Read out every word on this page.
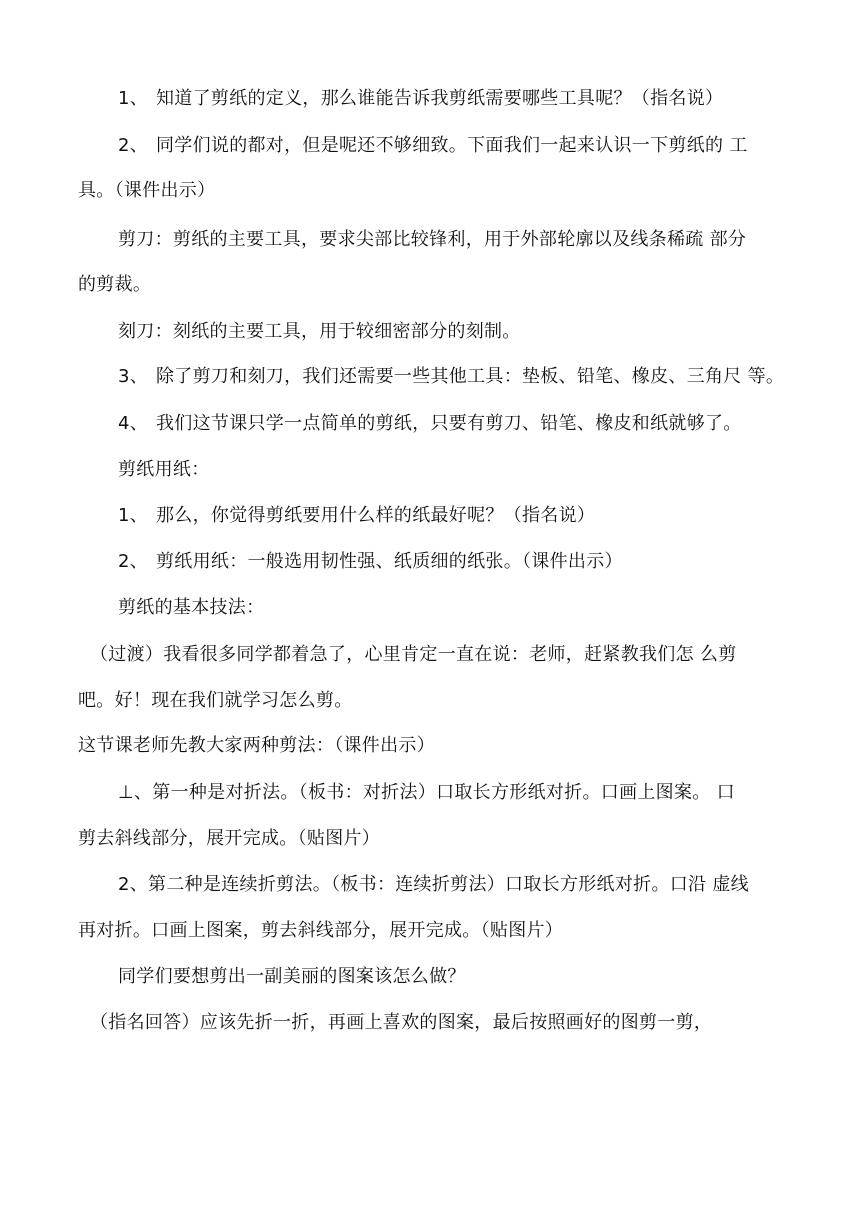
1、 知道了剪纸的定义，那么谁能告诉我剪纸需要哪些工具呢？（指名说）
2、 同学们说的都对，但是呢还不够细致。下面我们一起来认识一下剪纸的 工
具。（课件出示）
剪刀：剪纸的主要工具，要求尖部比较锋利，用于外部轮廓以及线条稀疏 部分
的剪裁。
刻刀：刻纸的主要工具，用于较细密部分的刻制。
3、 除了剪刀和刻刀，我们还需要一些其他工具：垫板、铅笔、橡皮、三角尺 等。
4、 我们这节课只学一点简单的剪纸，只要有剪刀、铅笔、橡皮和纸就够了。
剪纸用纸：
1、 那么，你觉得剪纸要用什么样的纸最好呢？（指名说）
2、 剪纸用纸：一般选用韧性强、纸质细的纸张。（课件出示）
剪纸的基本技法：
（过渡）我看很多同学都着急了，心里肯定一直在说：老师，赶紧教我们怎 么剪
吧。好！现在我们就学习怎么剪。
这节课老师先教大家两种剪法：（课件出示）
⊥、第一种是对折法。（板书：对折法）口取长方形纸对折。口画上图案。 口
剪去斜线部分，展开完成。（贴图片）
2、第二种是连续折剪法。（板书：连续折剪法）口取长方形纸对折。口沿 虚线
再对折。口画上图案，剪去斜线部分，展开完成。（贴图片）
同学们要想剪出一副美丽的图案该怎么做？
（指名回答）应该先折一折，再画上喜欢的图案，最后按照画好的图剪一剪，
